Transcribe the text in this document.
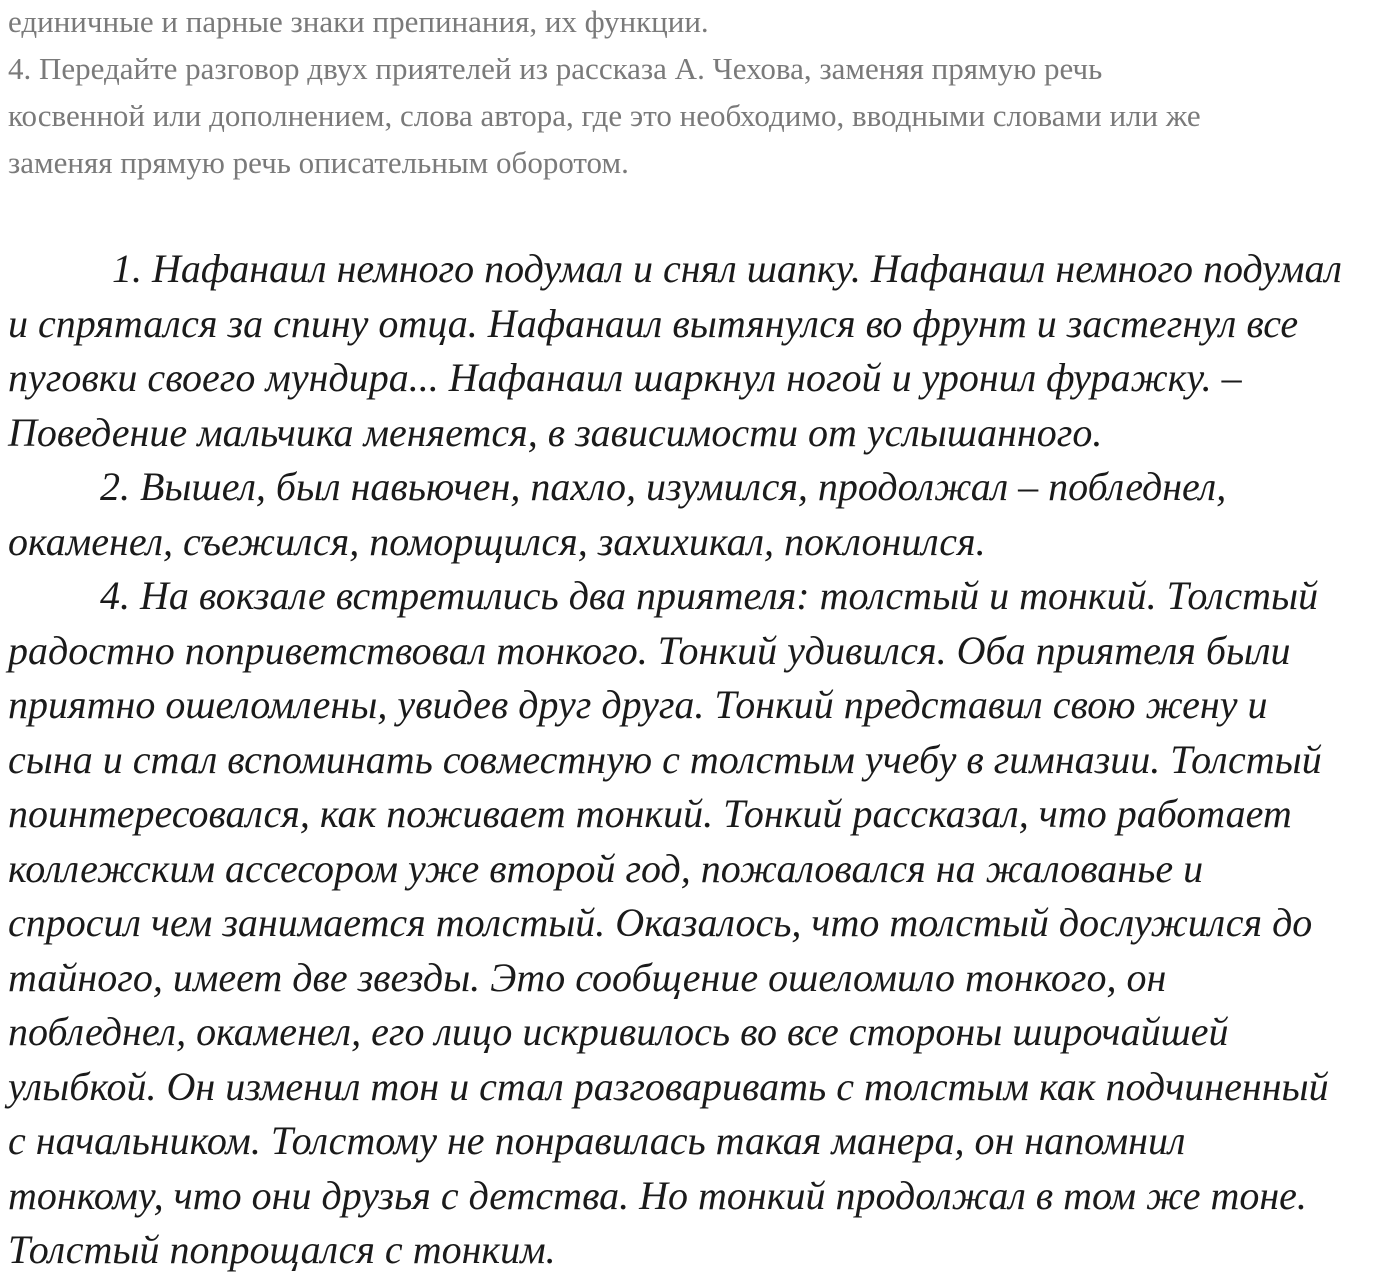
единичные и парные знаки препинания, их функции.
4. Передайте разговор двух приятелей из рассказа А. Чехова, заменяя прямую речь
косвенной или дополнением, слова автора, где это необходимо, вводными словами или же
заменяя прямую речь описательным оборотом.
1. Нафанаил немного подумал и снял шапку. Нафанаил немного подумал
и спрятался за спину отца. Нафанаил вытянулся во фрунт и застегнул все
пуговки своего мундира... Нафанаил шаркнул ногой и уронил фуражку. –
Поведение мальчика меняется, в зависимости от услышанного.
2. Вышел, был навьючен, пахло, изумился, продолжал – побледнел,
окаменел, съежился, поморщился, захихикал, поклонился.
4. На вокзале встретились два приятеля: толстый и тонкий. Толстый
радостно поприветствовал тонкого. Тонкий удивился. Оба приятеля были
приятно ошеломлены, увидев друг друга. Тонкий представил свою жену и
сына и стал вспоминать совместную с толстым учебу в гимназии. Толстый
поинтересовался, как поживает тонкий. Тонкий рассказал, что работает
коллежским ассесором уже второй год, пожаловался на жалованье и
спросил чем занимается толстый. Оказалось, что толстый дослужился до
тайного, имеет две звезды. Это сообщение ошеломило тонкого, он
побледнел, окаменел, его лицо искривилось во все стороны широчайшей
улыбкой. Он изменил тон и стал разговаривать с толстым как подчиненный
с начальником. Толстому не понравилась такая манера, он напомнил
тонкому, что они друзья с детства. Но тонкий продолжал в том же тоне.
Толстый попрощался с тонким.
